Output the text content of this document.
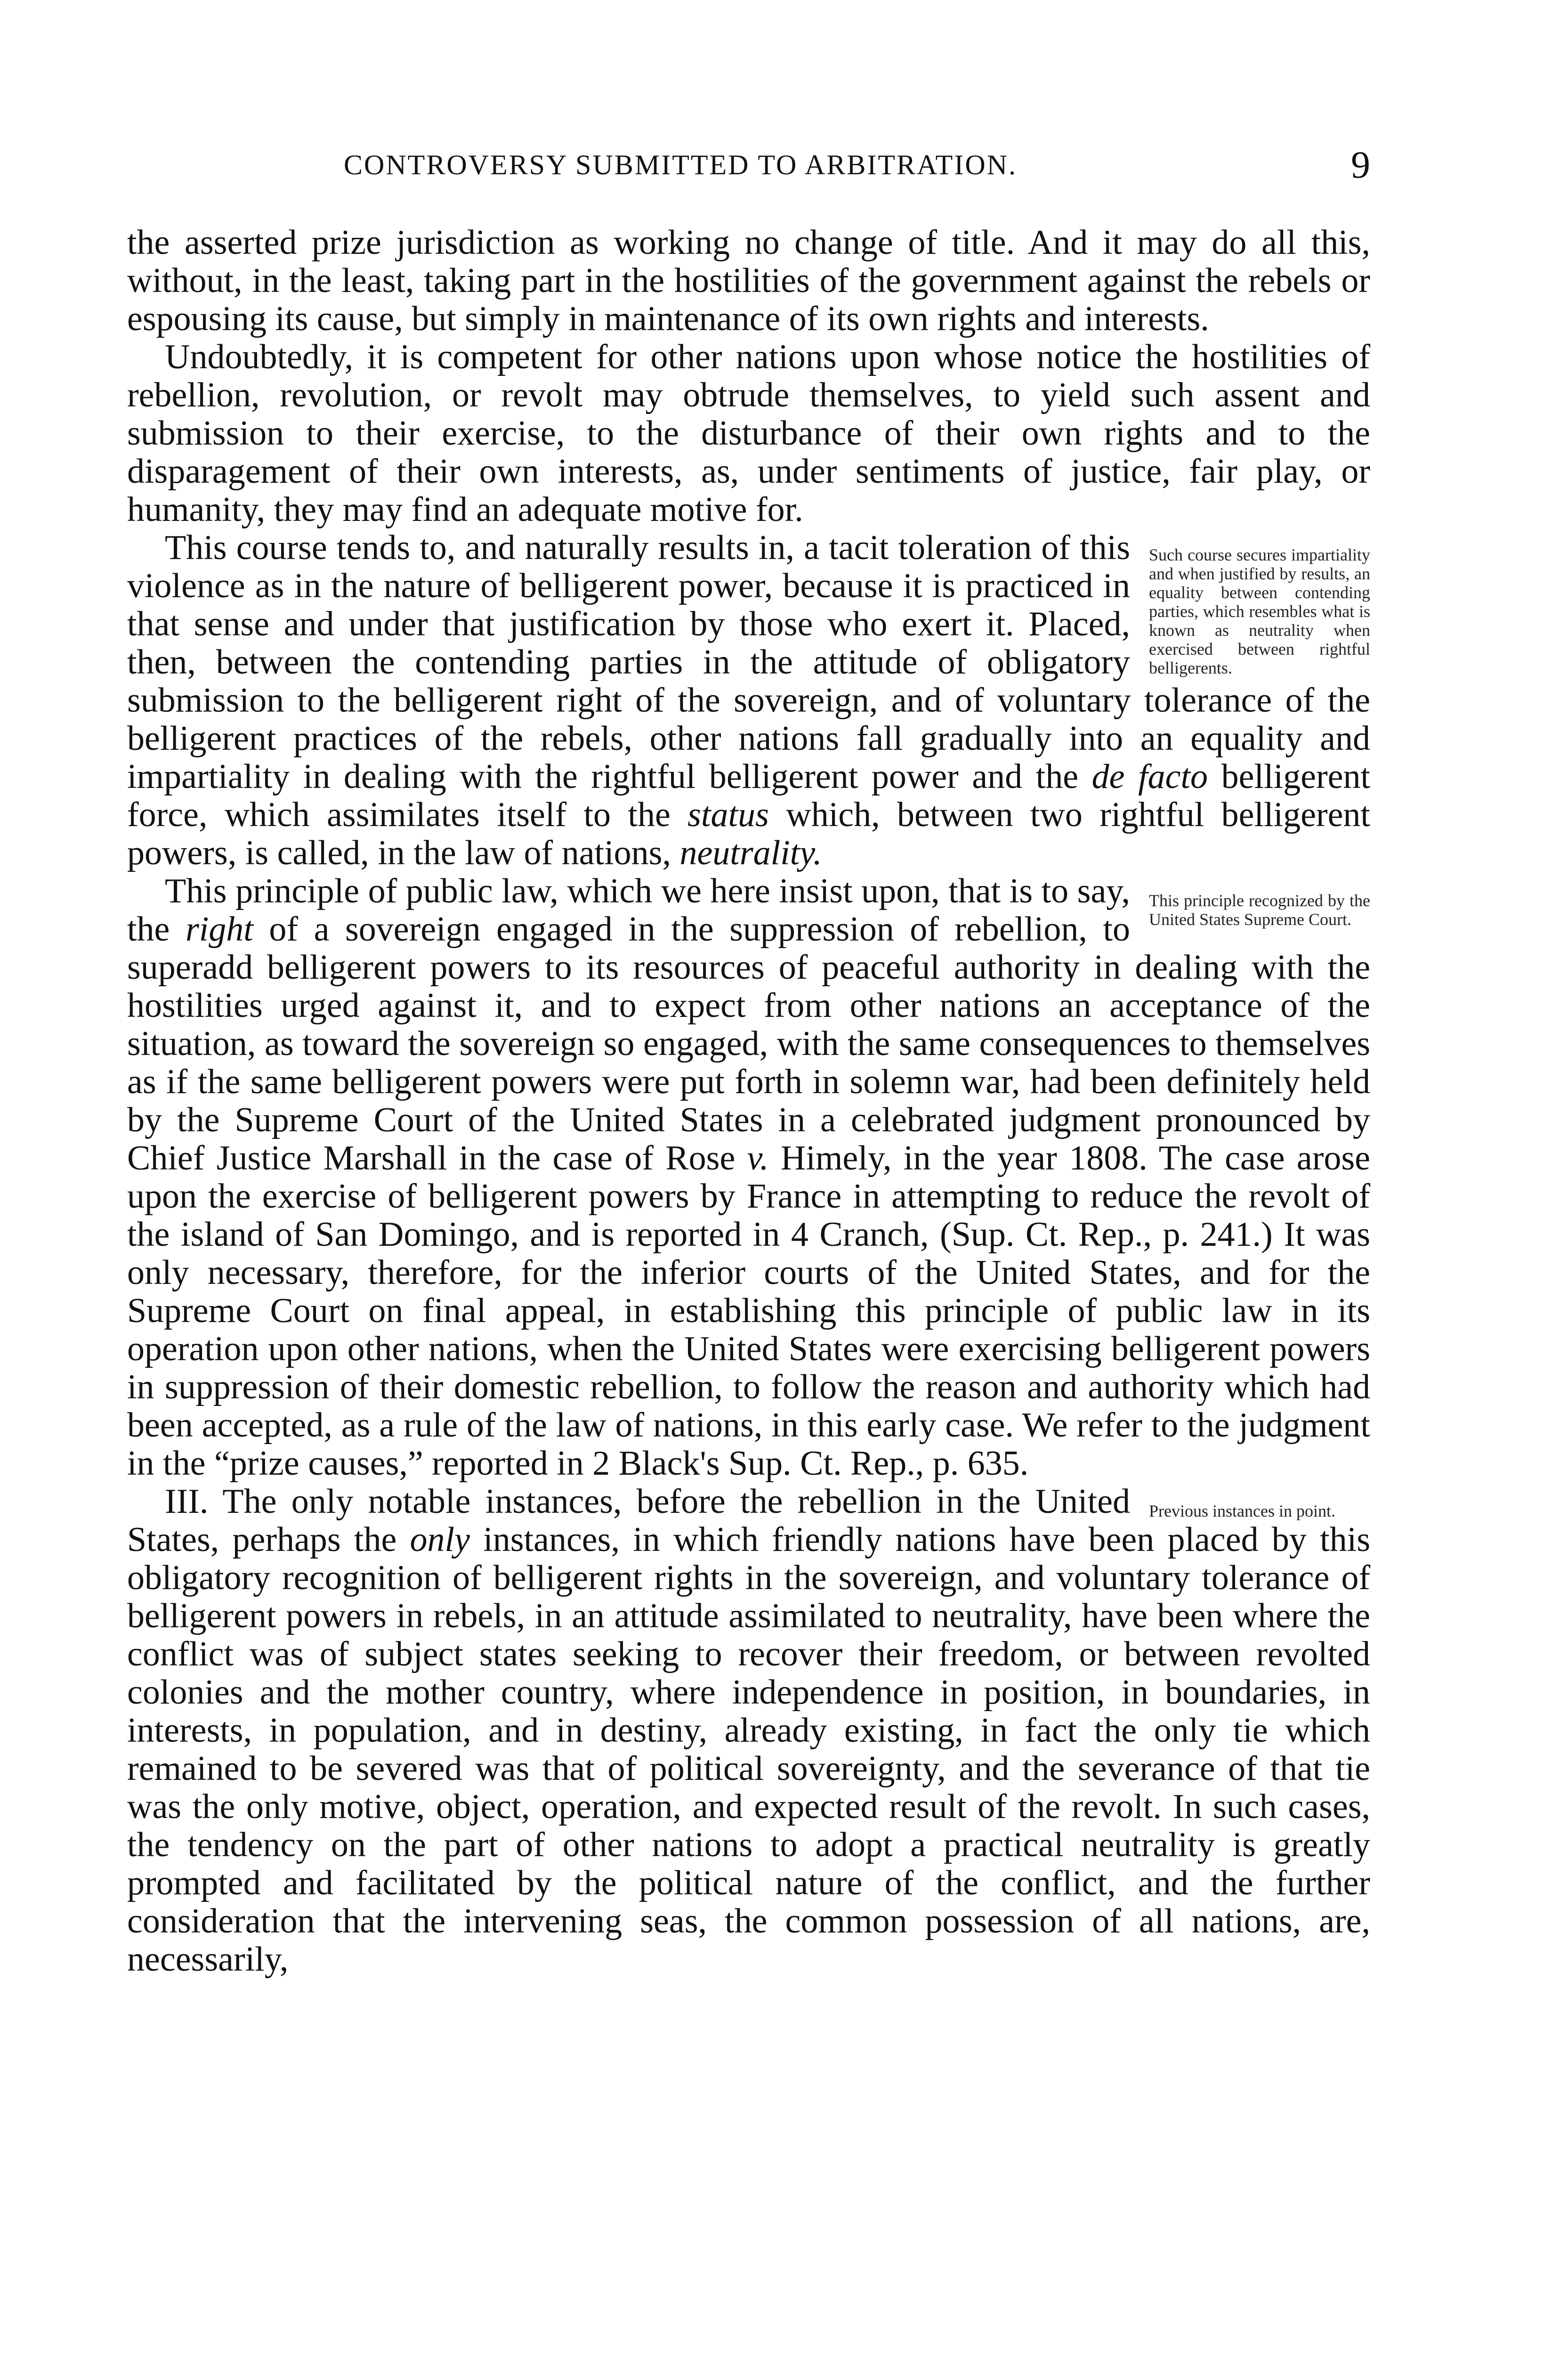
CONTROVERSY SUBMITTED TO ARBITRATION.	9

the asserted prize jurisdiction as working no change of title. And it may do all this, without, in the least, taking part in the hostilities of the government against the rebels or espousing its cause, but simply in maintenance of its own rights and interests.

Undoubtedly, it is competent for other nations upon whose notice the hostilities of rebellion, revolution, or revolt may obtrude themselves, to yield such assent and submission to their exercise, to the disturbance of their own rights and to the disparagement of their own interests, as, under sentiments of justice, fair play, or humanity, they may find an adequate motive for.

Such course secures impartiality and when justified by results, an equality between contending parties, which resembles what is known as neutrality when exercised between rightful belligerents.
This course tends to, and naturally results in, a tacit toleration of this violence as in the nature of belligerent power, because it is practiced in that sense and under that justification by those who exert it. Placed, then, between the contending parties in the attitude of obligatory submission to the belligerent right of the sovereign, and of voluntary tolerance of the belligerent practices of the rebels, other nations fall gradually into an equality and impartiality in dealing with the rightful belligerent power and the de facto belligerent force, which assimilates itself to the status which, between two rightful belligerent powers, is called, in the law of nations, neutrality.

This principle recognized by the United States Supreme Court.
This principle of public law, which we here insist upon, that is to say, the right of a sovereign engaged in the suppression of rebellion, to superadd belligerent powers to its resources of peaceful authority in dealing with the hostilities urged against it, and to expect from other nations an acceptance of the situation, as toward the sovereign so engaged, with the same consequences to themselves as if the same belligerent powers were put forth in solemn war, had been definitely held by the Supreme Court of the United States in a celebrated judgment pronounced by Chief Justice Marshall in the case of Rose v. Himely, in the year 1808. The case arose upon the exercise of belligerent powers by France in attempting to reduce the revolt of the island of San Domingo, and is reported in 4 Cranch, (Sup. Ct. Rep., p. 241.) It was only necessary, therefore, for the inferior courts of the United States, and for the Supreme Court on final appeal, in establishing this principle of public law in its operation upon other nations, when the United States were exercising belligerent powers in suppression of their domestic rebellion, to follow the reason and authority which had been accepted, as a rule of the law of nations, in this early case. We refer to the judgment in the “prize causes,” reported in 2 Black's Sup. Ct. Rep., p. 635.

Previous instances in point.
III. The only notable instances, before the rebellion in the United States, perhaps the only instances, in which friendly nations have been placed by this obligatory recognition of belligerent rights in the sovereign, and voluntary tolerance of belligerent powers in rebels, in an attitude assimilated to neutrality, have been where the conflict was of subject states seeking to recover their freedom, or between revolted colonies and the mother country, where independence in position, in boundaries, in interests, in population, and in destiny, already existing, in fact the only tie which remained to be severed was that of political sovereignty, and the severance of that tie was the only motive, object, operation, and expected result of the revolt. In such cases, the tendency on the part of other nations to adopt a practical neutrality is greatly prompted and facilitated by the political nature of the conflict, and the further consideration that the intervening seas, the common possession of all nations, are, necessarily,
